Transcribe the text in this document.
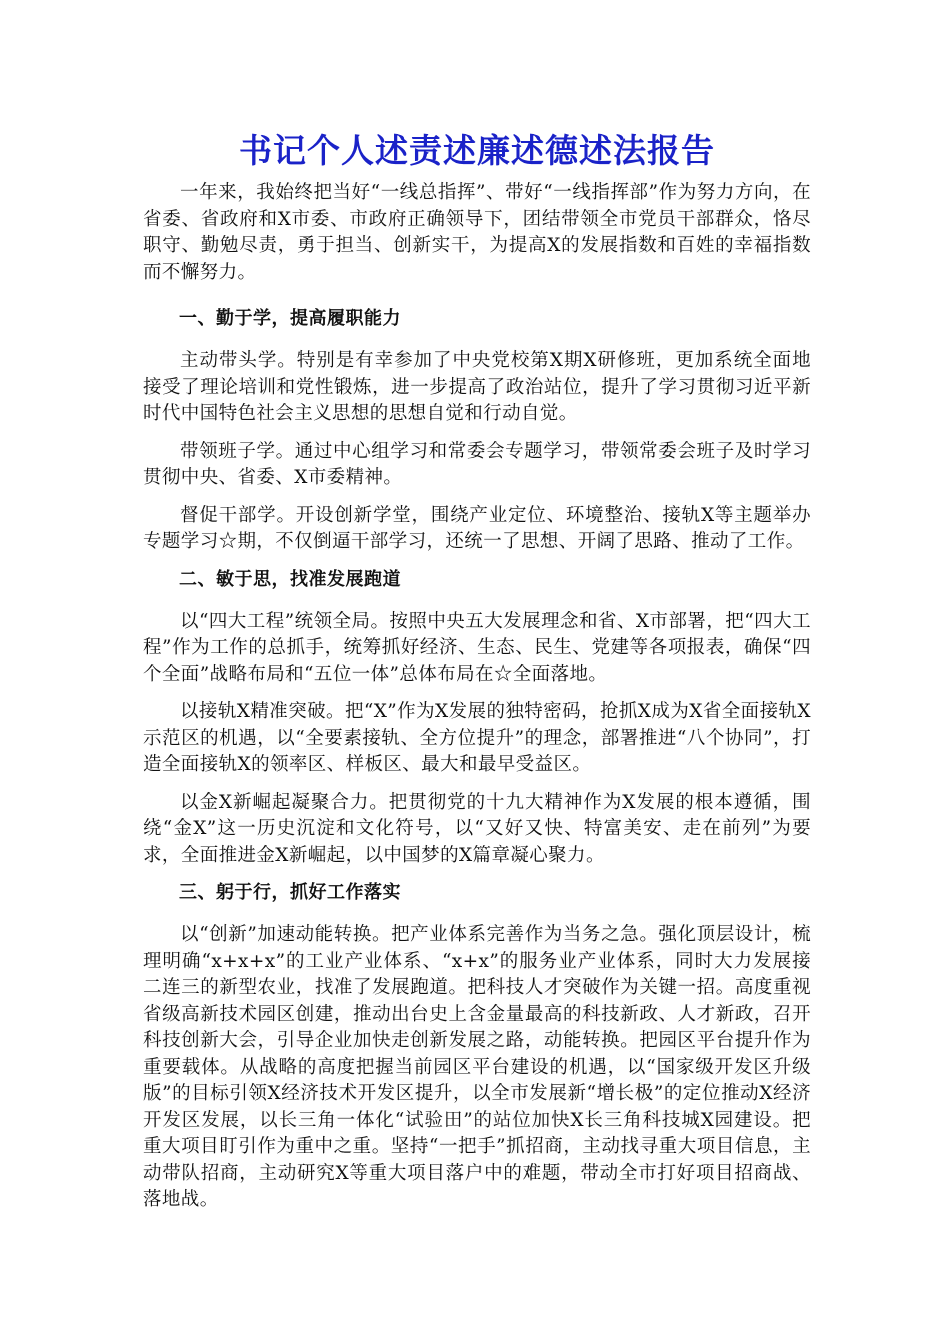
书记个人述责述廉述德述法报告

一年来，我始终把当好“一线总指挥”、带好“一线指挥部”作为努力方向，在省委、省政府和X市委、市政府正确领导下，团结带领全市党员干部群众，恪尽职守、勤勉尽责，勇于担当、创新实干，为提高X的发展指数和百姓的幸福指数而不懈努力。

一、勤于学，提高履职能力

主动带头学。特别是有幸参加了中央党校第X期X研修班，更加系统全面地接受了理论培训和党性锻炼，进一步提高了政治站位，提升了学习贯彻习近平新时代中国特色社会主义思想的思想自觉和行动自觉。

带领班子学。通过中心组学习和常委会专题学习，带领常委会班子及时学习贯彻中央、省委、X市委精神。

督促干部学。开设创新学堂，围绕产业定位、环境整治、接轨X等主题举办专题学习☆期，不仅倒逼干部学习，还统一了思想、开阔了思路、推动了工作。

二、敏于思，找准发展跑道

以“四大工程”统领全局。按照中央五大发展理念和省、X市部署，把“四大工程”作为工作的总抓手，统筹抓好经济、生态、民生、党建等各项报表，确保“四个全面”战略布局和“五位一体”总体布局在☆全面落地。

以接轨X精准突破。把“X”作为X发展的独特密码，抢抓X成为X省全面接轨X示范区的机遇，以“全要素接轨、全方位提升”的理念，部署推进“八个协同”，打造全面接轨X的领率区、样板区、最大和最早受益区。

以金X新崛起凝聚合力。把贯彻党的十九大精神作为X发展的根本遵循，围绕“金X”这一历史沉淀和文化符号，以“又好又快、特富美安、走在前列”为要求，全面推进金X新崛起，以中国梦的X篇章凝心聚力。

三、躬于行，抓好工作落实

以“创新”加速动能转换。把产业体系完善作为当务之急。强化顶层设计，梳理明确“x+x+x”的工业产业体系、“x+x”的服务业产业体系，同时大力发展接二连三的新型农业，找准了发展跑道。把科技人才突破作为关键一招。高度重视省级高新技术园区创建，推动出台史上含金量最高的科技新政、人才新政，召开科技创新大会，引导企业加快走创新发展之路，动能转换。把园区平台提升作为重要载体。从战略的高度把握当前园区平台建设的机遇，以“国家级开发区升级版”的目标引领X经济技术开发区提升，以全市发展新“增长极”的定位推动X经济开发区发展，以长三角一体化“试验田”的站位加快X长三角科技城X园建设。把重大项目盯引作为重中之重。坚持“一把手”抓招商，主动找寻重大项目信息，主动带队招商，主动研究X等重大项目落户中的难题，带动全市打好项目招商战、落地战。
